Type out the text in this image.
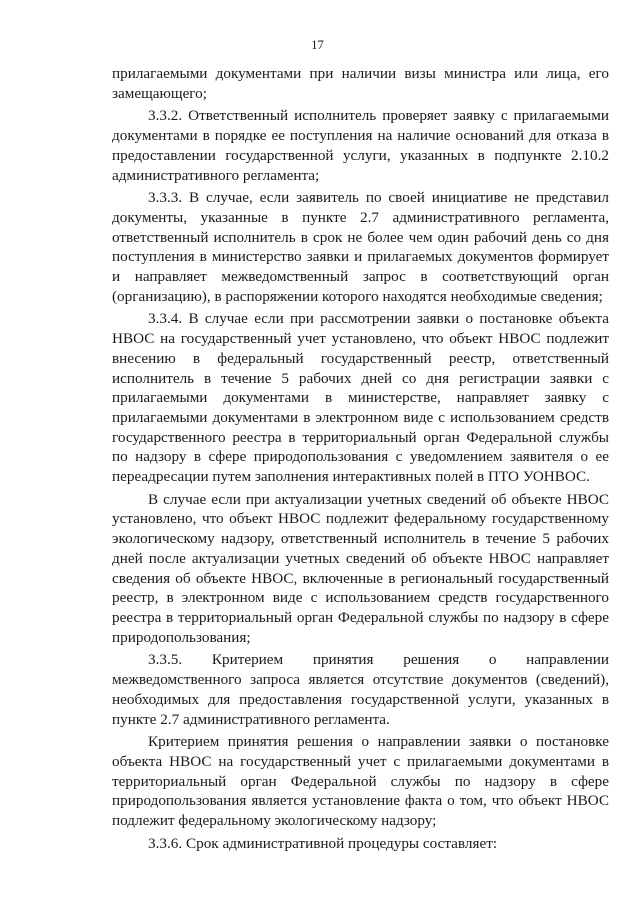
17

прилагаемыми документами при наличии визы министра или лица, его замещающего;

3.3.2. Ответственный исполнитель проверяет заявку с прилагаемыми документами в порядке ее поступления на наличие оснований для отказа в предоставлении государственной услуги, указанных в подпункте 2.10.2 административного регламента;

3.3.3. В случае, если заявитель по своей инициативе не представил документы, указанные в пункте 2.7 административного регламента, ответственный исполнитель в срок не более чем один рабочий день со дня поступления в министерство заявки и прилагаемых документов формирует и направляет межведомственный запрос в соответствующий орган (организацию), в распоряжении которого находятся необходимые сведения;

3.3.4. В случае если при рассмотрении заявки о постановке объекта НВОС на государственный учет установлено, что объект НВОС подлежит внесению в федеральный государственный реестр, ответственный исполнитель в течение 5 рабочих дней со дня регистрации заявки с прилагаемыми документами в министерстве, направляет заявку с прилагаемыми документами в электронном виде с использованием средств государственного реестра в территориальный орган Федеральной службы по надзору в сфере природопользования с уведомлением заявителя о ее переадресации путем заполнения интерактивных полей в ПТО УОНВОС.

В случае если при актуализации учетных сведений об объекте НВОС установлено, что объект НВОС подлежит федеральному государственному экологическому надзору, ответственный исполнитель в течение 5 рабочих дней после актуализации учетных сведений об объекте НВОС направляет сведения об объекте НВОС, включенные в региональный государственный реестр, в электронном виде с использованием средств государственного реестра в территориальный орган Федеральной службы по надзору в сфере природопользования;

3.3.5. Критерием принятия решения о направлении межведомственного запроса является отсутствие документов (сведений), необходимых для предоставления государственной услуги, указанных в пункте 2.7 административного регламента.

Критерием принятия решения о направлении заявки о постановке объекта НВОС на государственный учет с прилагаемыми документами в территориальный орган Федеральной службы по надзору в сфере природопользования является установление факта о том, что объект НВОС подлежит федеральному экологическому надзору;

3.3.6. Срок административной процедуры составляет:
